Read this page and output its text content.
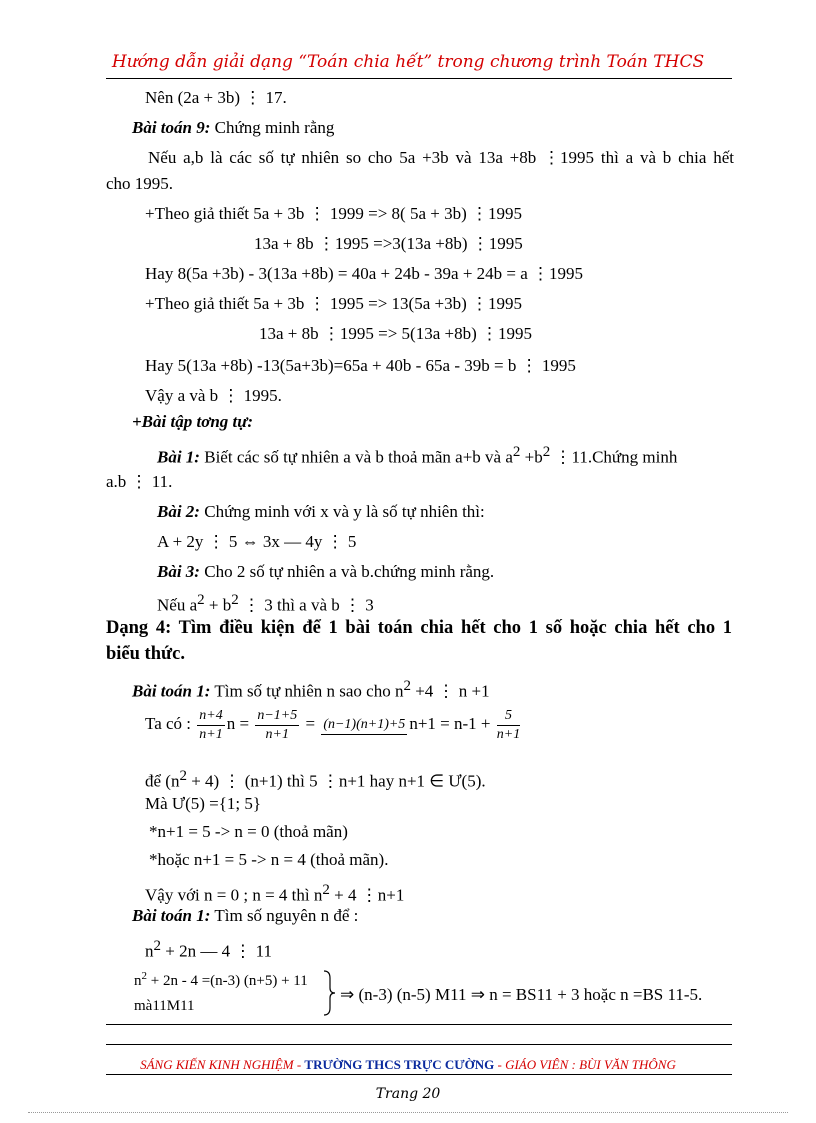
Hướng dẫn giải dạng “Toán chia hết” trong chương trình Toán THCS
Nên (2a + 3b) ⋮ 17.
Bài toán 9: Chứng minh rằng
Nếu a,b là các số tự nhiên so cho 5a +3b và 13a +8b ⋮1995 thì a và b chia hết
cho 1995.
+Theo giả thiết 5a + 3b ⋮ 1999 => 8( 5a + 3b) ⋮1995
13a + 8b ⋮1995 =>3(13a +8b) ⋮1995
Hay 8(5a +3b) - 3(13a +8b) = 40a + 24b - 39a + 24b = a ⋮1995
+Theo giả thiết 5a + 3b ⋮ 1995 => 13(5a +3b) ⋮1995
13a + 8b ⋮1995 => 5(13a +8b) ⋮1995
Hay 5(13a +8b) -13(5a+3b)=65a + 40b - 65a - 39b = b ⋮ 1995
Vậy a và b ⋮ 1995.
+Bài tập tơng tự:
Bài 1: Biết các số tự nhiên a và b thoả mãn a+b và $a^2 +b^2$ ⋮11.Chứng minh
a.b ⋮ 11.
Bài 2: Chứng minh với x và y là số tự nhiên thì:
A + 2y ⋮ 5 ⇔ 3x — 4y ⋮ 5
Bài 3: Cho 2 số tự nhiên a và b.chứng minh rằng.
Nếu $a^2 + b^2$ ⋮ 3 thì a và b ⋮ 3
Dạng 4: Tìm điều kiện để 1 bài toán chia hết cho 1 số hoặc chia hết cho 1
biểu thức.
Bài toán 1: Tìm số tự nhiên n sao cho $n^2 +4$ ⋮ n +1
Ta có : $\frac{n+4}{n+1}$ $n = \frac{n-1+5}{n+1} = (n-1)(n+1)+5$ $n+1 = n-1 + \frac{5}{n+1}$
để $(n^2 + 4)$ ⋮ (n+1) thì 5 ⋮n+1 hay n+1 ∈ Ư(5).
Mà Ư(5) ={1; 5}
*n+1 = 5 -> n = 0 (thoả mãn)
*hoặc n+1 = 5 -> n = 4 (thoả mãn).
Vậy với n = 0 ; n = 4 thì $n^2 + 4$ ⋮n+1
Bài toán 1: Tìm số nguyên n để :
$n^2 + 2n$ — 4 ⋮ 11
$n^2 + 2n - 4 =(n-3) (n+5) + 11$
mà11M11
⇒ (n-3) (n-5) M11 ⇒ n = BS11 + 3 hoặc n =BS 11-5.
SÁNG KIẾN KINH NGHIỆM - TRƯỜNG THCS TRỰC CƯỜNG - GIÁO VIÊN : BÙI VĂN THÔNG
Trang 20
